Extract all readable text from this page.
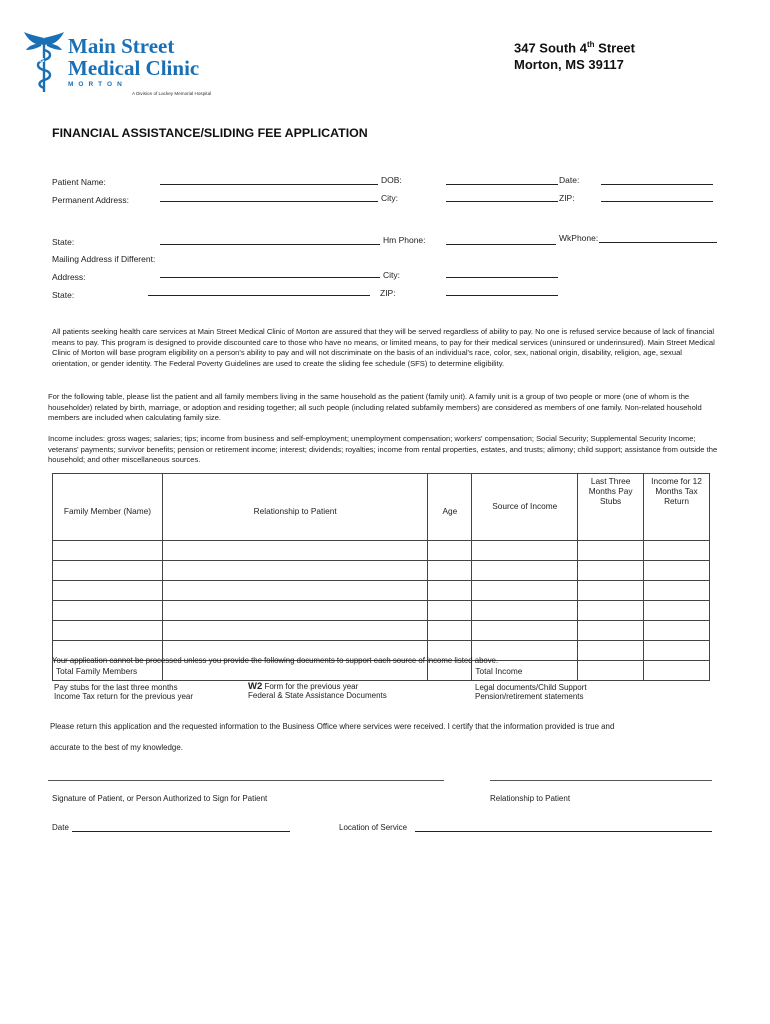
MS
Main Street
Medical Clinic
MORTON
A Division of Lackey Memorial Hospital
347 South 4th Street
Morton, MS 39117
FINANCIAL ASSISTANCE/SLIDING FEE APPLICATION
Patient Name:	DOB:	Date:
Permanent Address:	City:	ZIP:
State:	Hm Phone:	WkPhone:
Mailing Address if Different:
Address:	City:
State:	ZIP:
All patients seeking health care services at Main Street Medical Clinic of Morton are assured that they will be served regardless of ability to pay. No one is refused service because of lack of financial means to pay. This program is designed to provide discounted care to those who have no means, or limited means, to pay for their medical services (uninsured or underinsured). Main Street Medical Clinic of Morton will base program eligibility on a person's ability to pay and will not discriminate on the basis of an individual's race, color, sex, national origin, disability, religion, age, sexual orientation, or gender identity. The Federal Poverty Guidelines are used to create the sliding fee schedule (SFS) to determine eligibility.
For the following table, please list the patient and all family members living in the same household as the patient (family unit). A family unit is a group of two people or more (one of whom is the householder) related by birth, marriage, or adoption and residing together; all such people (including related subfamily members) are considered as members of one family. Non-related household members are included when calculating family size.
Income includes: gross wages; salaries; tips; income from business and self-employment; unemployment compensation; workers' compensation; Social Security; Supplemental Security Income; veterans' payments; survivor benefits; pension or retirement income; interest; dividends; royalties; income from rental properties, estates, and trusts; alimony; child support; assistance from outside the household; and other miscellaneous sources.
Family Member (Name)	Relationship to Patient	Age	Source of Income	Last Three Months Pay Stubs	Income for 12 Months Tax Return

Total Family Members			Total Income		
Your application cannot be processed unless you provide the following documents to support each source of income listed above.
Pay stubs for the last three months
Income Tax return for the previous year
W2 Form for the previous year
Federal & State Assistance Documents
Legal documents/Child Support
Pension/retirement statements
Please return this application and the requested information to the Business Office where services were received. I certify that the information provided is true and
accurate to the best of my knowledge.
Signature of Patient, or Person Authorized to Sign for Patient	Relationship to Patient
Date	Location of Service
